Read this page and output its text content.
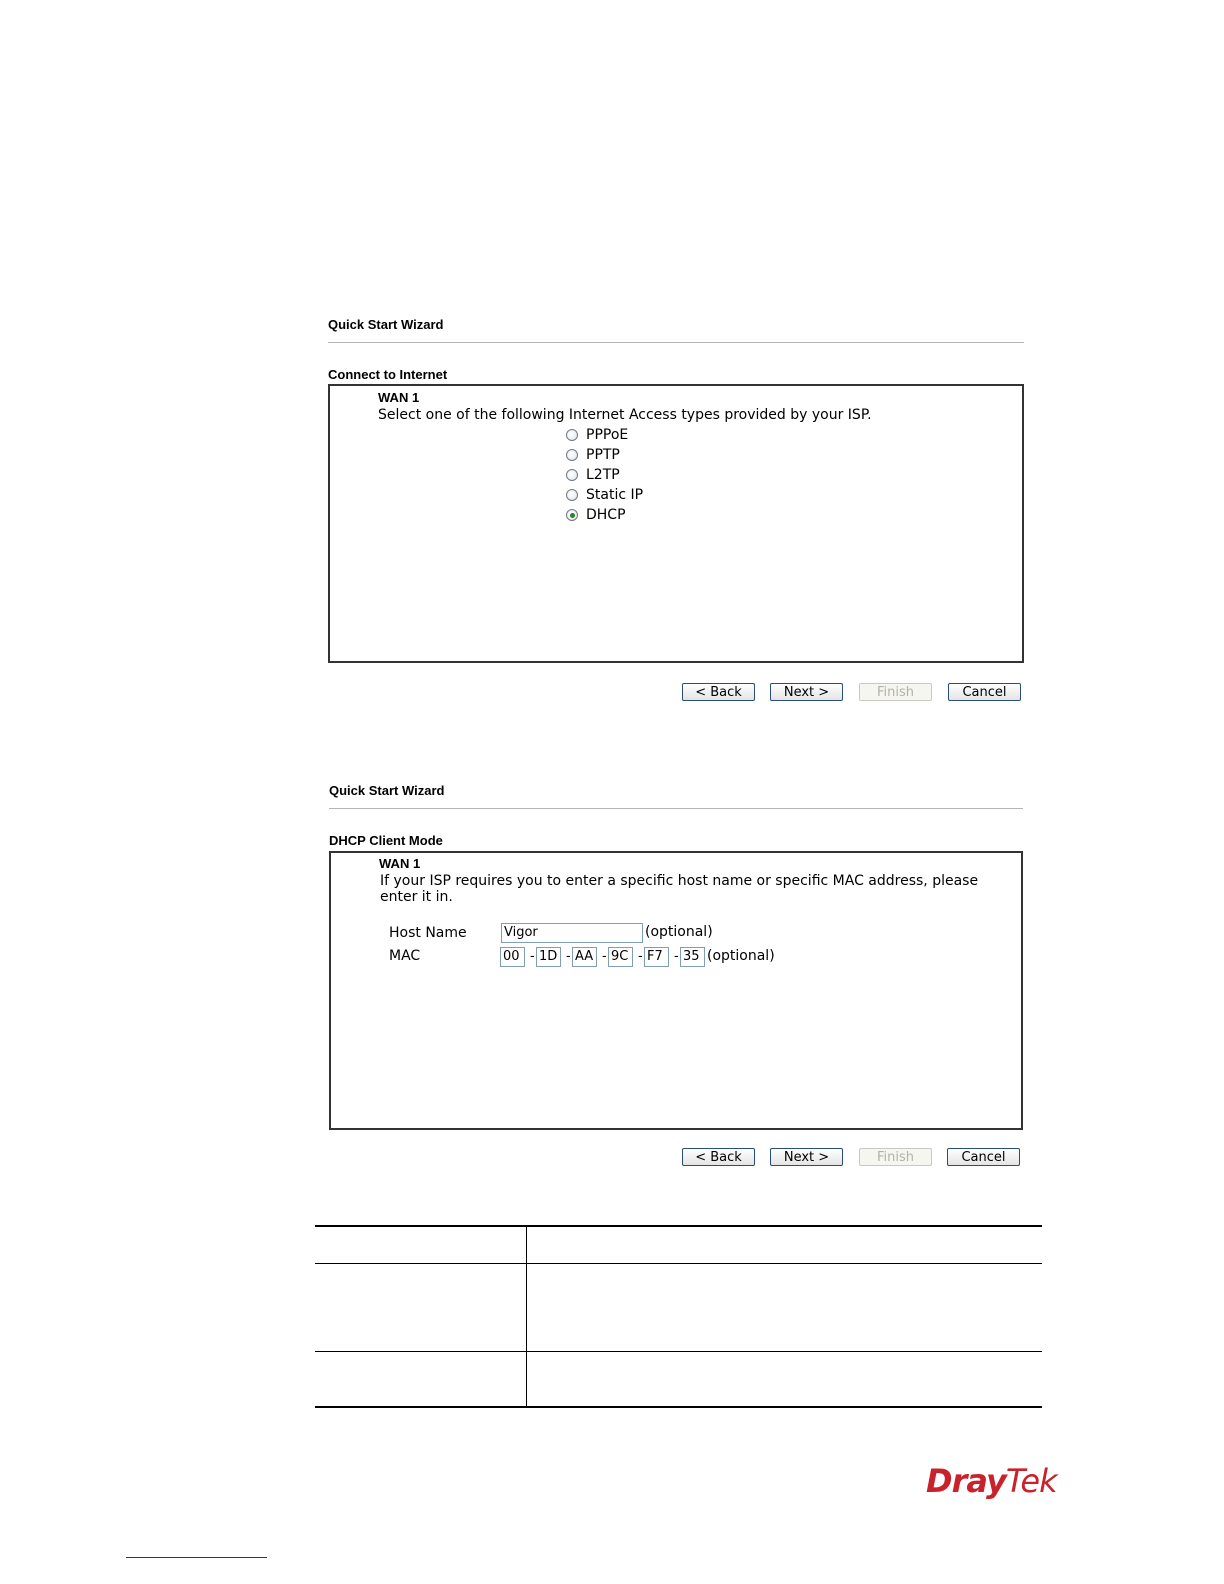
Quick Start Wizard
Connect to Internet
WAN 1
Select one of the following Internet Access types provided by your ISP.
PPPoE
PPTP
L2TP
Static IP
DHCP
< Back	Next >	Finish	Cancel
Quick Start Wizard
DHCP Client Mode
WAN 1
If your ISP requires you to enter a specific host name or specific MAC address, please
enter it in.
Host Name	Vigor	(optional)
MAC	00 - 1D - AA - 9C - F7 - 35 (optional)
< Back	Next >	Finish	Cancel
DrayTek
